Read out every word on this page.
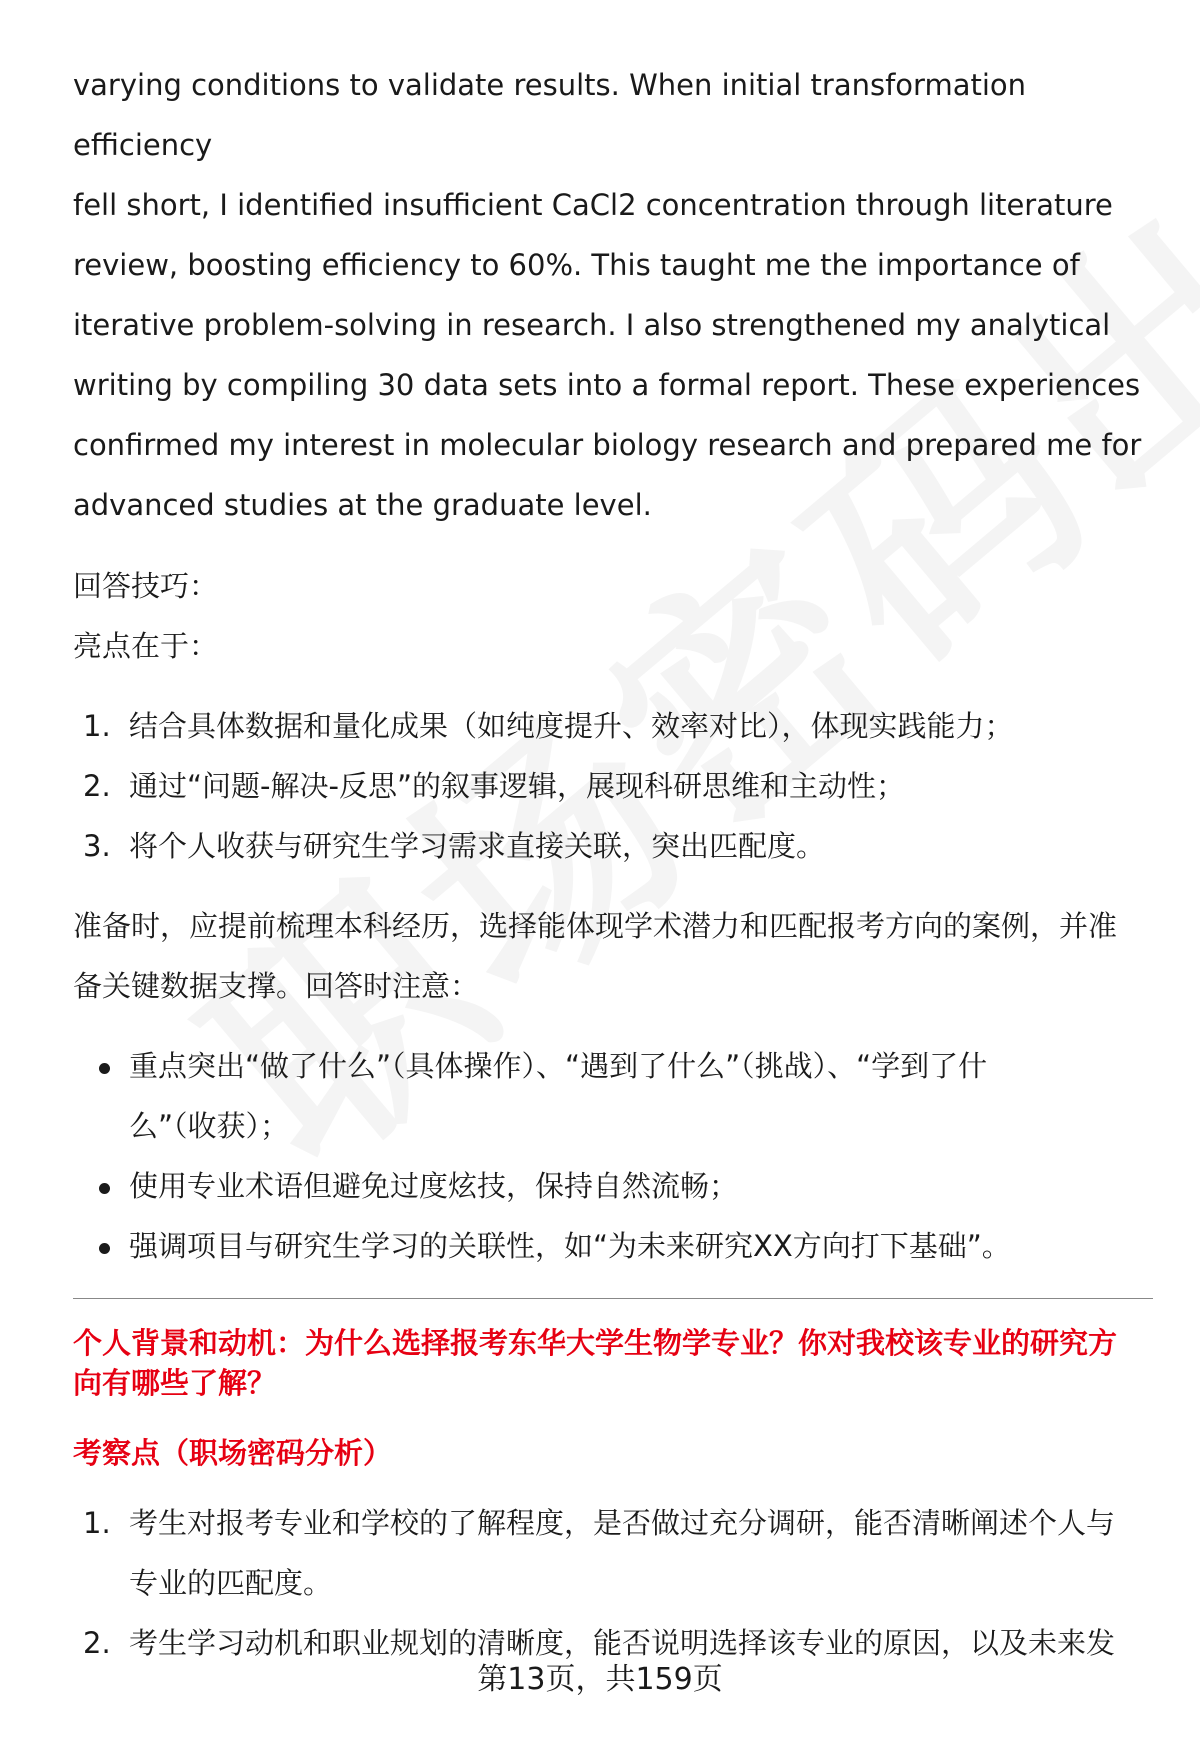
varying conditions to validate results. When initial transformation efficiency
fell short, I identified insufficient CaCl2 concentration through literature
review, boosting efficiency to 60%. This taught me the importance of
iterative problem-solving in research. I also strengthened my analytical
writing by compiling 30 data sets into a formal report. These experiences
confirmed my interest in molecular biology research and prepared me for
advanced studies at the graduate level.

回答技巧：

亮点在于：

1. 结合具体数据和量化成果（如纯度提升、效率对比），体现实践能力；
2. 通过“问题-解决-反思”的叙事逻辑，展现科研思维和主动性；
3. 将个人收获与研究生学习需求直接关联，突出匹配度。

准备时，应提前梳理本科经历，选择能体现学术潜力和匹配报考方向的案例，并准
备关键数据支撑。回答时注意：

重点突出“做了什么”（具体操作）、“遇到了什么”（挑战）、“学到了什
么”（收获）；
使用专业术语但避免过度炫技，保持自然流畅；
强调项目与研究生学习的关联性，如“为未来研究XX方向打下基础”。

个人背景和动机：为什么选择报考东华大学生物学专业？你对我校该专业的研究方
向有哪些了解？

考察点（职场密码分析）

1. 考生对报考专业和学校的了解程度，是否做过充分调研，能否清晰阐述个人与
专业的匹配度。
2. 考生学习动机和职业规划的清晰度，能否说明选择该专业的原因，以及未来发
第13页，共159页
